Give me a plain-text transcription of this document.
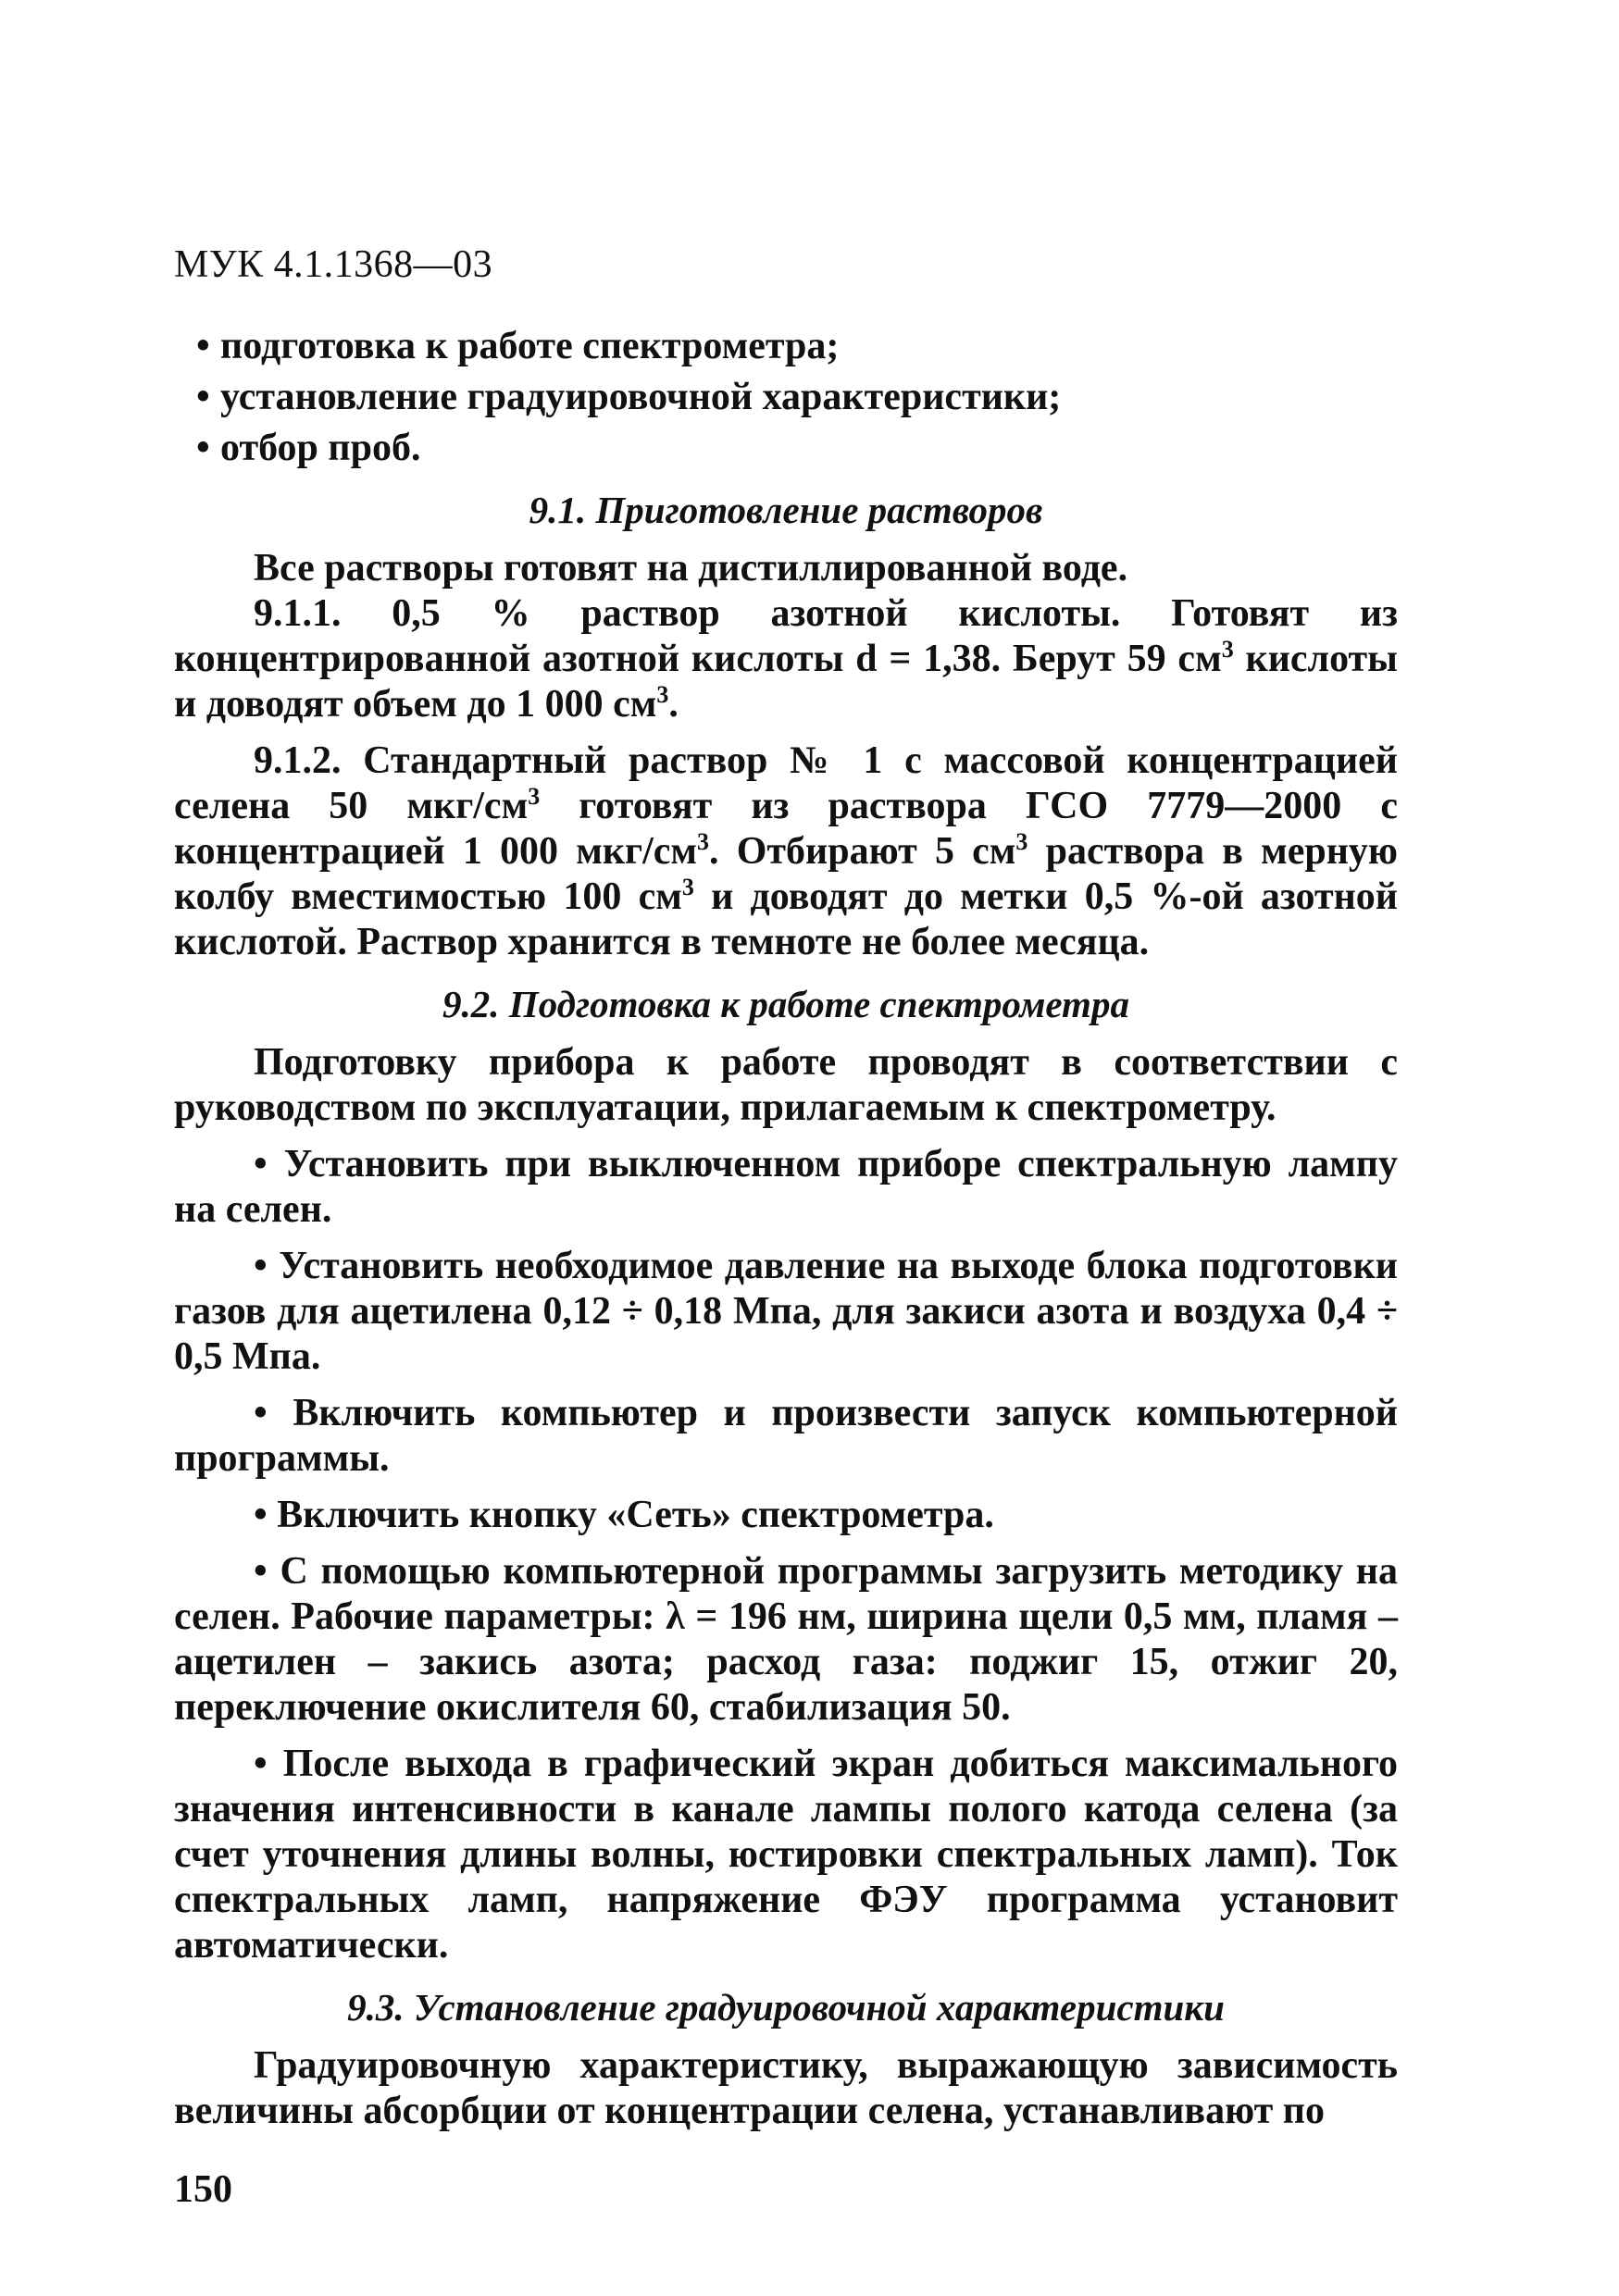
МУК 4.1.1368—03
• подготовка к работе спектрометра;
• установление градуировочной характеристики;
• отбор проб.

9.1. Приготовление растворов

Все растворы готовят на дистиллированной воде.

9.1.1. 0,5 % раствор азотной кислоты. Готовят из концентрированной азотной кислоты d = 1,38. Берут 59 $см^3$ кислоты и доводят объем до 1 000 $см^3$.

9.1.2. Стандартный раствор № 1 с массовой концентрацией селена 50 мкг/$см^3$ готовят из раствора ГСО 7779—2000 с концентрацией 1 000 мкг/$см^3$. Отбирают 5 $см^3$ раствора в мерную колбу вместимостью 100 $см^3$ и доводят до метки 0,5 %-ой азотной кислотой. Раствор хранится в темноте не более месяца.

9.2. Подготовка к работе спектрометра

Подготовку прибора к работе проводят в соответствии с руководством по эксплуатации, прилагаемым к спектрометру.

• Установить при выключенном приборе спектральную лампу на селен.

• Установить необходимое давление на выходе блока подготовки газов для ацетилена 0,12 ÷ 0,18 Мпа, для закиси азота и воздуха 0,4 ÷ 0,5 Мпа.

• Включить компьютер и произвести запуск компьютерной программы.

• Включить кнопку «Сеть» спектрометра.

• С помощью компьютерной программы загрузить методику на селен. Рабочие параметры: λ = 196 нм, ширина щели 0,5 мм, пламя – ацетилен – закись азота; расход газа: поджиг 15, отжиг 20, переключение окислителя 60, стабилизация 50.

• После выхода в графический экран добиться максимального значения интенсивности в канале лампы полого катода селена (за счет уточнения длины волны, юстировки спектральных ламп). Ток спектральных ламп, напряжение ФЭУ программа установит автоматически.

9.3. Установление градуировочной характеристики

Градуировочную характеристику, выражающую зависимость величины абсорбции от концентрации селена, устанавливают по

150
